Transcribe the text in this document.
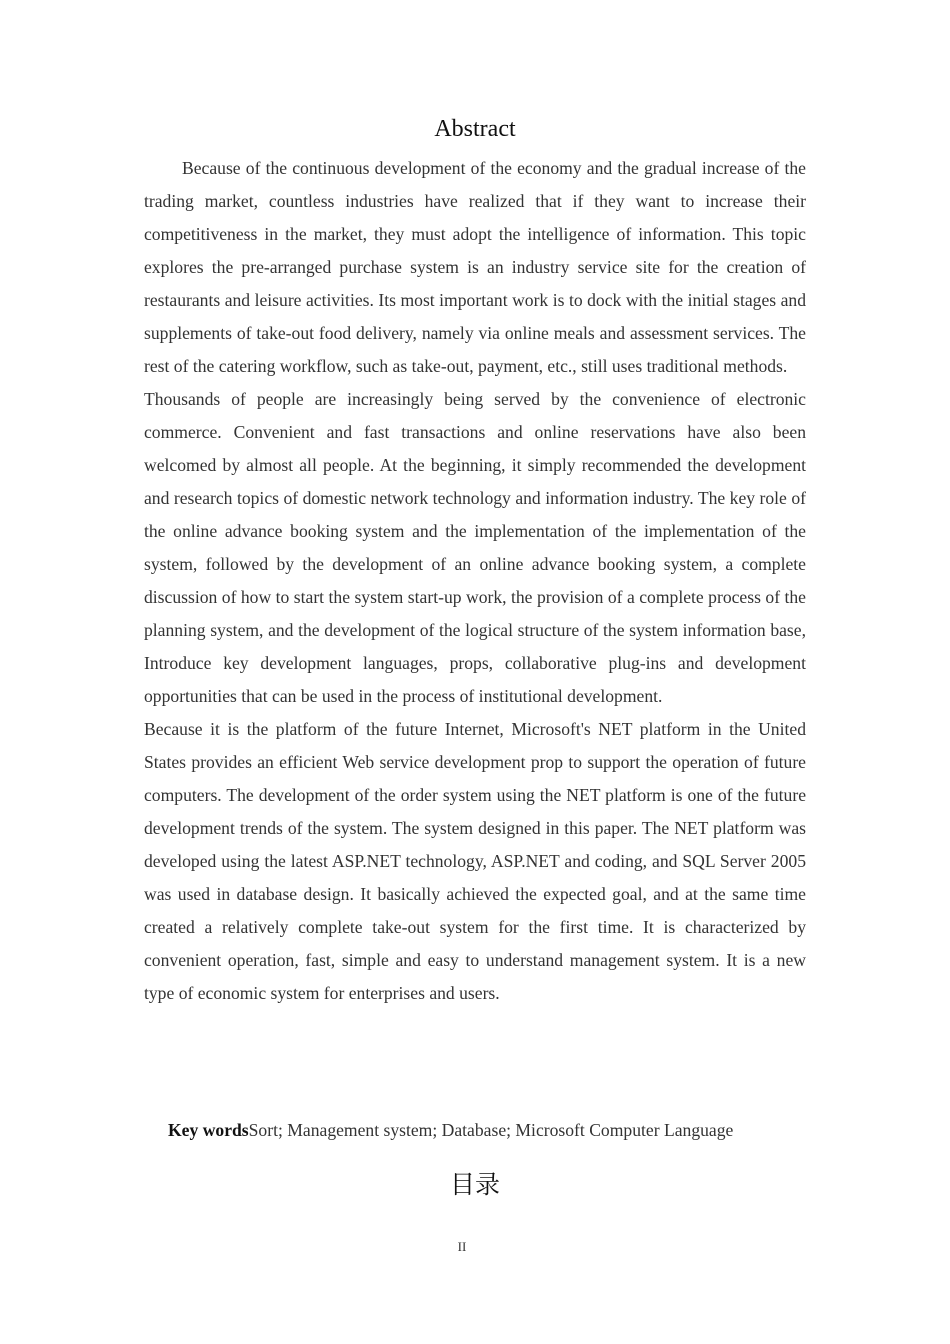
Abstract

Because of the continuous development of the economy and the gradual increase of the trading market, countless industries have realized that if they want to increase their competitiveness in the market, they must adopt the intelligence of information. This topic explores the pre-arranged purchase system is an industry service site for the creation of restaurants and leisure activities. Its most important work is to dock with the initial stages and supplements of take-out food delivery, namely via online meals and assessment services. The rest of the catering workflow, such as take-out, payment, etc., still uses traditional methods.

Thousands of people are increasingly being served by the convenience of electronic commerce. Convenient and fast transactions and online reservations have also been welcomed by almost all people. At the beginning, it simply recommended the development and research topics of domestic network technology and information industry. The key role of the online advance booking system and the implementation of the implementation of the system, followed by the development of an online advance booking system, a complete discussion of how to start the system start-up work, the provision of a complete process of the planning system, and the development of the logical structure of the system information base, Introduce key development languages, props, collaborative plug-ins and development opportunities that can be used in the process of institutional development.

Because it is the platform of the future Internet, Microsoft's NET platform in the United States provides an efficient Web service development prop to support the operation of future computers. The development of the order system using the NET platform is one of the future development trends of the system. The system designed in this paper. The NET platform was developed using the latest ASP.NET technology, ASP.NET and coding, and SQL Server 2005 was used in database design. It basically achieved the expected goal, and at the same time created a relatively complete take-out system for the first time. It is characterized by convenient operation, fast, simple and easy to understand management system. It is a new type of economic system for enterprises and users.

Key wordsSort; Management system; Database; Microsoft Computer Language
目录
II
